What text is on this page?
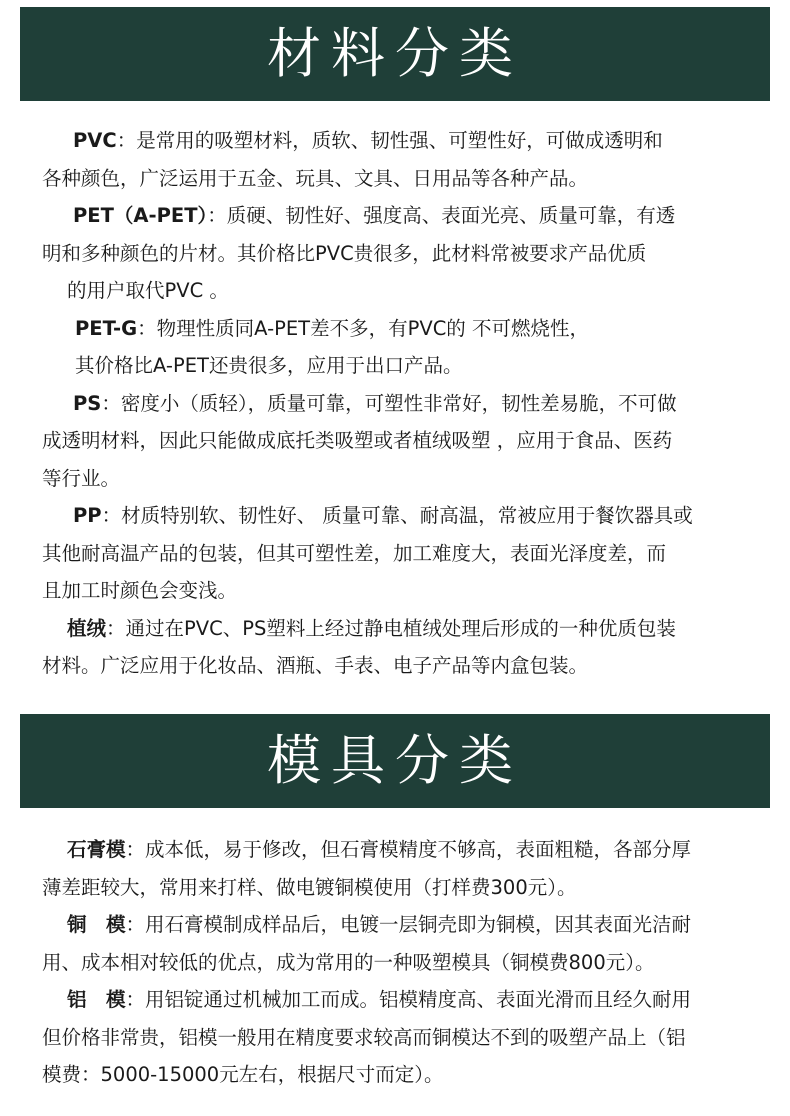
材料分类
PVC：是常用的吸塑材料，质软、韧性强、可塑性好，可做成透明和
各种颜色，广泛运用于五金、玩具、文具、日用品等各种产品。
PET（A-PET）：质硬、韧性好、强度高、表面光亮、质量可靠，有透
明和多种颜色的片材。其价格比PVC贵很多，此材料常被要求产品优质
的用户取代PVC 。
PET-G：物理性质同A-PET差不多，有PVC的 不可燃烧性，
其价格比A-PET还贵很多，应用于出口产品。
PS：密度小（质轻），质量可靠，可塑性非常好，韧性差易脆，不可做
成透明材料，因此只能做成底托类吸塑或者植绒吸塑 ，应用于食品、医药
等行业。
PP：材质特别软、韧性好、 质量可靠、耐高温，常被应用于餐饮器具或
其他耐高温产品的包装，但其可塑性差，加工难度大，表面光泽度差，而
且加工时颜色会变浅。
植绒：通过在PVC、PS塑料上经过静电植绒处理后形成的一种优质包装
材料。广泛应用于化妆品、酒瓶、手表、电子产品等内盒包装。
模具分类
石膏模：成本低，易于修改，但石膏模精度不够高，表面粗糙，各部分厚
薄差距较大，常用来打样、做电镀铜模使用（打样费300元）。
铜　模：用石膏模制成样品后，电镀一层铜壳即为铜模，因其表面光洁耐
用、成本相对较低的优点，成为常用的一种吸塑模具（铜模费800元）。
铝　模：用铝锭通过机械加工而成。铝模精度高、表面光滑而且经久耐用
但价格非常贵，铝模一般用在精度要求较高而铜模达不到的吸塑产品上（铝
模费：5000-15000元左右，根据尺寸而定）。
